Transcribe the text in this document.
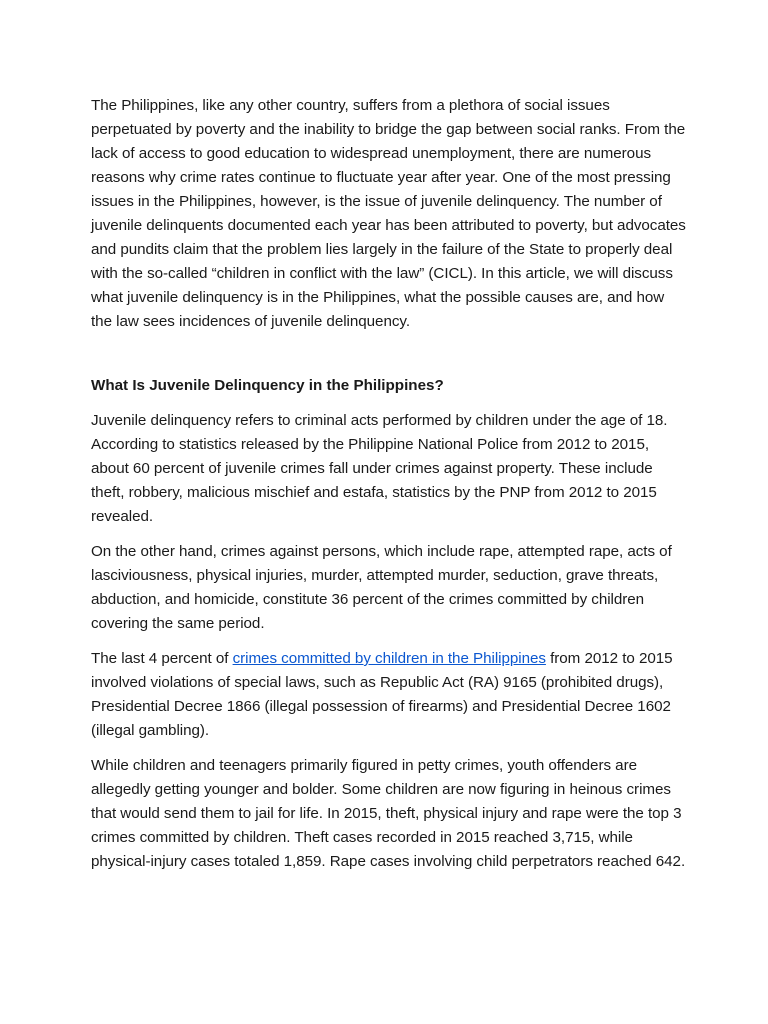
The Philippines, like any other country, suffers from a plethora of social issues perpetuated by poverty and the inability to bridge the gap between social ranks. From the lack of access to good education to widespread unemployment, there are numerous reasons why crime rates continue to fluctuate year after year. One of the most pressing issues in the Philippines, however, is the issue of juvenile delinquency. The number of juvenile delinquents documented each year has been attributed to poverty, but advocates and pundits claim that the problem lies largely in the failure of the State to properly deal with the so-called “children in conflict with the law” (CICL). In this article, we will discuss what juvenile delinquency is in the Philippines, what the possible causes are, and how the law sees incidences of juvenile delinquency.

What Is Juvenile Delinquency in the Philippines?

Juvenile delinquency refers to criminal acts performed by children under the age of 18. According to statistics released by the Philippine National Police from 2012 to 2015, about 60 percent of juvenile crimes fall under crimes against property. These include theft, robbery, malicious mischief and estafa, statistics by the PNP from 2012 to 2015 revealed.

On the other hand, crimes against persons, which include rape, attempted rape, acts of lasciviousness, physical injuries, murder, attempted murder, seduction, grave threats, abduction, and homicide, constitute 36 percent of the crimes committed by children covering the same period.

The last 4 percent of crimes committed by children in the Philippines from 2012 to 2015 involved violations of special laws, such as Republic Act (RA) 9165 (prohibited drugs), Presidential Decree 1866 (illegal possession of firearms) and Presidential Decree 1602 (illegal gambling).

While children and teenagers primarily figured in petty crimes, youth offenders are allegedly getting younger and bolder. Some children are now figuring in heinous crimes that would send them to jail for life. In 2015, theft, physical injury and rape were the top 3 crimes committed by children. Theft cases recorded in 2015 reached 3,715, while physical-injury cases totaled 1,859. Rape cases involving child perpetrators reached 642.
